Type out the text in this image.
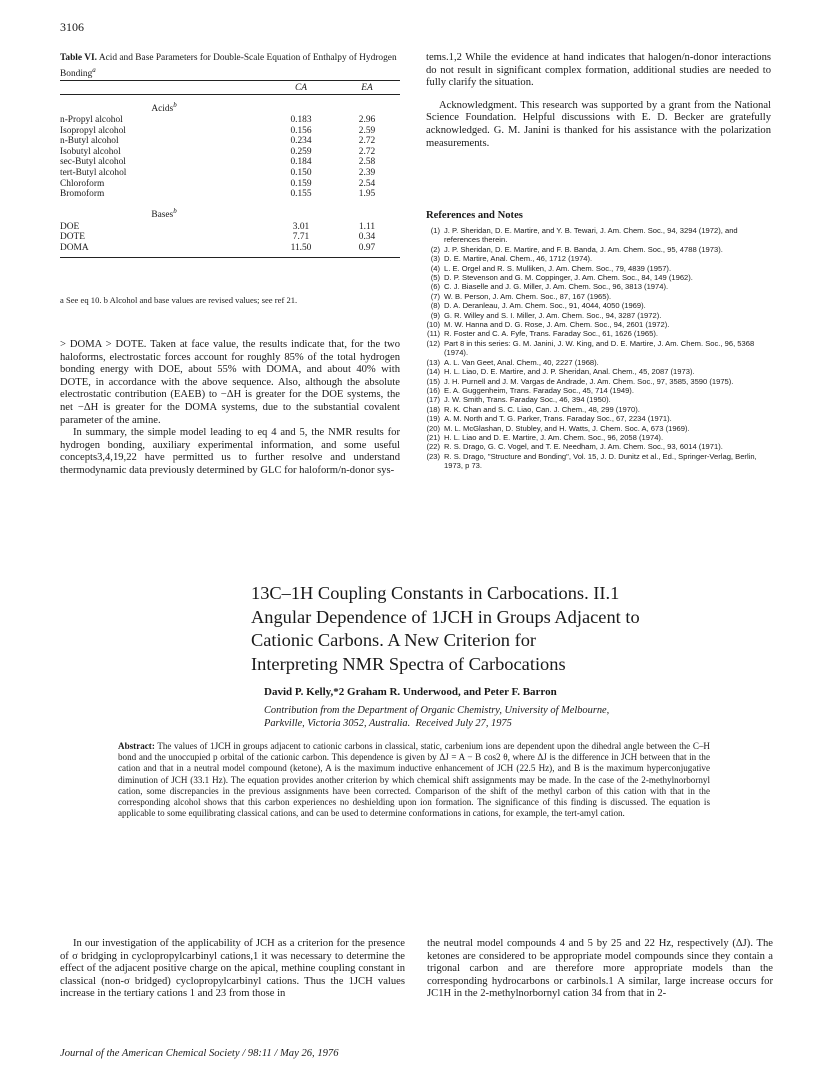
3106
Table VI. Acid and Base Parameters for Double-Scale Equation of Enthalpy of Hydrogen Bonding$^a$
CA	EA
Acids$^b$
n-Propyl alcohol	0.183	2.96
Isopropyl alcohol	0.156	2.59
n-Butyl alcohol	0.234	2.72
Isobutyl alcohol	0.259	2.72
sec-Butyl alcohol	0.184	2.58
tert-Butyl alcohol	0.150	2.39
Chloroform	0.159	2.54
Bromoform	0.155	1.95
Bases$^b$
DOE	3.01	1.11
DOTE	7.71	0.34
DOMA	11.50	0.97
a See eq 10. b Alcohol and base values are revised values; see ref 21.

> DOMA > DOTE. Taken at face value, the results indicate that, for the two haloforms, electrostatic forces account for roughly 85% of the total hydrogen bonding energy with DOE, about 55% with DOMA, and about 40% with DOTE, in accordance with the above sequence. Also, although the absolute electrostatic contribution (EAEB) to −ΔH is greater for the DOE systems, the net −ΔH is greater for the DOMA systems, due to the substantial covalent parameter of the amine.

In summary, the simple model leading to eq 4 and 5, the NMR results for hydrogen bonding, auxiliary experimental information, and some useful concepts3,4,19,22 have permitted us to further resolve and understand thermodynamic data previously determined by GLC for haloform/n-donor sys-

tems.1,2 While the evidence at hand indicates that halogen/n-donor interactions do not result in significant complex formation, additional studies are needed to fully clarify the situation.

Acknowledgment. This research was supported by a grant from the National Science Foundation. Helpful discussions with E. D. Becker are gratefully acknowledged. G. M. Janini is thanked for his assistance with the polarization measurements.

References and Notes
(1) J. P. Sheridan, D. E. Martire, and Y. B. Tewari, J. Am. Chem. Soc., 94, 3294 (1972), and references therein.
(2) J. P. Sheridan, D. E. Martire, and F. B. Banda, J. Am. Chem. Soc., 95, 4788 (1973).
(3) D. E. Martire, Anal. Chem., 46, 1712 (1974).
(4) L. E. Orgel and R. S. Mulliken, J. Am. Chem. Soc., 79, 4839 (1957).
(5) D. P. Stevenson and G. M. Coppinger, J. Am. Chem. Soc., 84, 149 (1962).
(6) C. J. Biaselle and J. G. Miller, J. Am. Chem. Soc., 96, 3813 (1974).
(7) W. B. Person, J. Am. Chem. Soc., 87, 167 (1965).
(8) D. A. Deranleau, J. Am. Chem. Soc., 91, 4044, 4050 (1969).
(9) G. R. Willey and S. I. Miller, J. Am. Chem. Soc., 94, 3287 (1972).
(10) M. W. Hanna and D. G. Rose, J. Am. Chem. Soc., 94, 2601 (1972).
(11) R. Foster and C. A. Fyfe, Trans. Faraday Soc., 61, 1626 (1965).
(12) Part 8 in this series: G. M. Janini, J. W. King, and D. E. Martire, J. Am. Chem. Soc., 96, 5368 (1974).
(13) A. L. Van Geet, Anal. Chem., 40, 2227 (1968).
(14) H. L. Liao, D. E. Martire, and J. P. Sheridan, Anal. Chem., 45, 2087 (1973).
(15) J. H. Purnell and J. M. Vargas de Andrade, J. Am. Chem. Soc., 97, 3585, 3590 (1975).
(16) E. A. Guggenheim, Trans. Faraday Soc., 45, 714 (1949).
(17) J. W. Smith, Trans. Faraday Soc., 46, 394 (1950).
(18) R. K. Chan and S. C. Liao, Can. J. Chem., 48, 299 (1970).
(19) A. M. North and T. G. Parker, Trans. Faraday Soc., 67, 2234 (1971).
(20) M. L. McGlashan, D. Stubley, and H. Watts, J. Chem. Soc. A, 673 (1969).
(21) H. L. Liao and D. E. Martire, J. Am. Chem. Soc., 96, 2058 (1974).
(22) R. S. Drago, G. C. Vogel, and T. E. Needham, J. Am. Chem. Soc., 93, 6014 (1971).
(23) R. S. Drago, "Structure and Bonding", Vol. 15, J. D. Dunitz et al., Ed., Springer-Verlag, Berlin, 1973, p 73.
13C–1H Coupling Constants in Carbocations. II.1
Angular Dependence of 1JCH in Groups Adjacent to
Cationic Carbons. A New Criterion for
Interpreting NMR Spectra of Carbocations
David P. Kelly,*2 Graham R. Underwood, and Peter F. Barron
Contribution from the Department of Organic Chemistry, University of Melbourne,
Parkville, Victoria 3052, Australia. Received July 27, 1975
Abstract: The values of 1JCH in groups adjacent to cationic carbons in classical, static, carbenium ions are dependent upon the dihedral angle between the C–H bond and the unoccupied p orbital of the cationic carbon. This dependence is given by ΔJ = A − B cos2 θ, where ΔJ is the difference in JCH between that in the cation and that in a neutral model compound (ketone), A is the maximum inductive enhancement of JCH (22.5 Hz), and B is the maximum hyperconjugative diminution of JCH (33.1 Hz). The equation provides another criterion by which chemical shift assignments may be made. In the case of the 2-methylnorbornyl cation, some discrepancies in the previous assignments have been corrected. Comparison of the shift of the methyl carbon of this cation with that in the corresponding alcohol shows that this carbon experiences no deshielding upon ion formation. The significance of this finding is discussed. The equation is applicable to some equilibrating classical cations, and can be used to determine conformations in cations, for example, the tert-amyl cation.

In our investigation of the applicability of JCH as a criterion for the presence of σ bridging in cyclopropylcarbinyl cations,1 it was necessary to determine the effect of the adjacent positive charge on the apical, methine coupling constant in classical (non-σ bridged) cyclopropylcarbinyl cations. Thus the 1JCH values increase in the tertiary cations 1 and 23 from those in

the neutral model compounds 4 and 5 by 25 and 22 Hz, respectively (ΔJ). The ketones are considered to be appropriate model compounds since they contain a trigonal carbon and are therefore more appropriate models than the corresponding hydrocarbons or carbinols.1 A similar, large increase occurs for JC1H in the 2-methylnorbornyl cation 34 from that in 2-

Journal of the American Chemical Society / 98:11 / May 26, 1976
